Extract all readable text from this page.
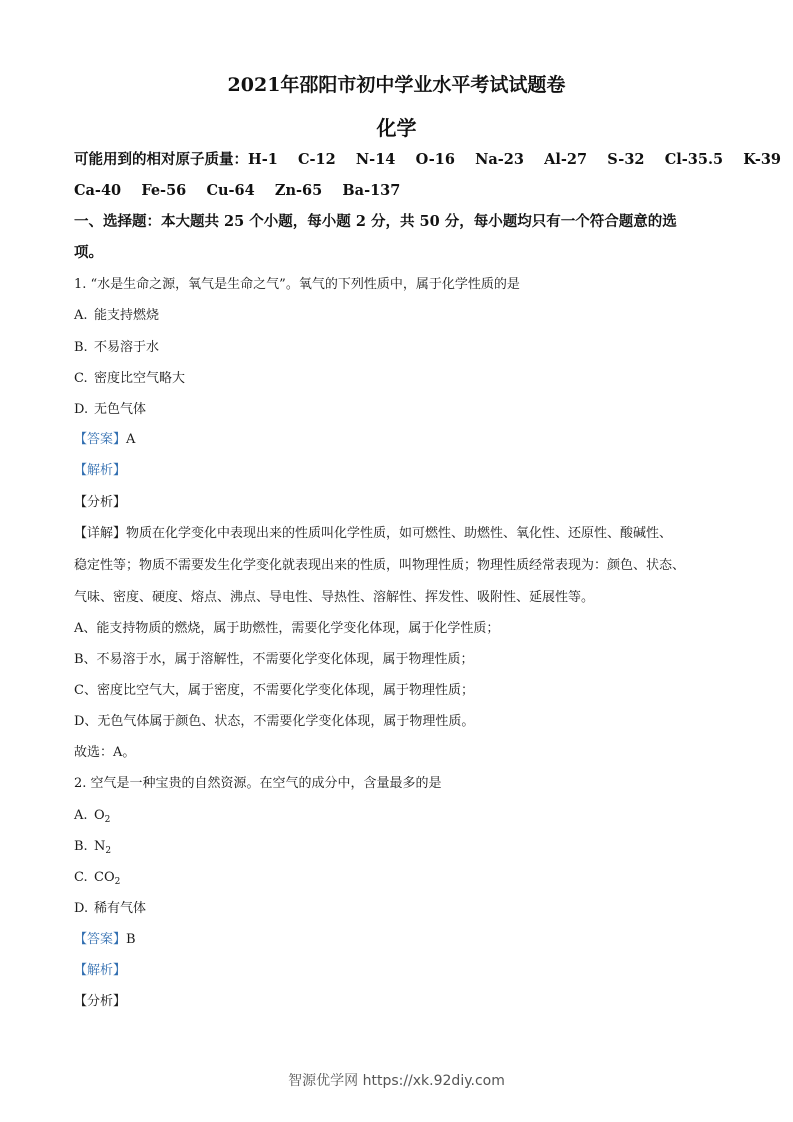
2021年邵阳市初中学业水平考试试题卷
化学
可能用到的相对原子质量：H-1    C-12    N-14    O-16    Na-23    Al-27    S-32    Cl-35.5    K-39
Ca-40    Fe-56    Cu-64    Zn-65    Ba-137
一、选择题：本大题共 25 个小题，每小题 2 分，共 50 分，每小题均只有一个符合题意的选
项。
1. “水是生命之源，氧气是生命之气”。氧气的下列性质中，属于化学性质的是
A. 能支持燃烧
B. 不易溶于水
C. 密度比空气略大
D. 无色气体
【答案】A
【解析】
【分析】
【详解】物质在化学变化中表现出来的性质叫化学性质，如可燃性、助燃性、氧化性、还原性、酸碱性、
稳定性等；物质不需要发生化学变化就表现出来的性质，叫物理性质；物理性质经常表现为：颜色、状态、
气味、密度、硬度、熔点、沸点、导电性、导热性、溶解性、挥发性、吸附性、延展性等。
A、能支持物质的燃烧，属于助燃性，需要化学变化体现，属于化学性质；
B、不易溶于水，属于溶解性，不需要化学变化体现，属于物理性质；
C、密度比空气大，属于密度，不需要化学变化体现，属于物理性质；
D、无色气体属于颜色、状态，不需要化学变化体现，属于物理性质。
故选：A。
2. 空气是一种宝贵的自然资源。在空气的成分中，含量最多的是
A. $O_2$
B. $N_2$
C. $CO_2$
D. 稀有气体
【答案】B
【解析】
【分析】
智源优学网 https://xk.92diy.com
